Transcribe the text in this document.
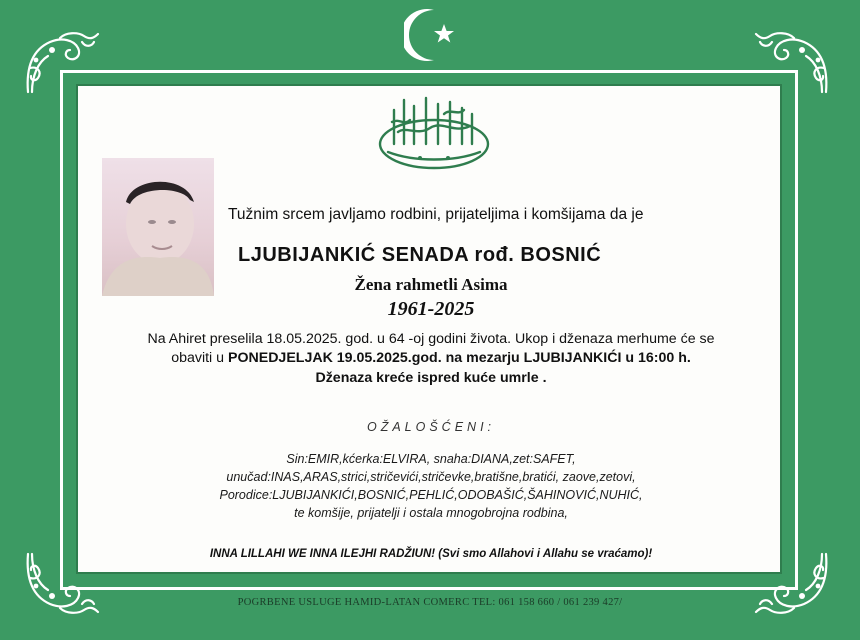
Tužnim srcem javljamo rodbini, prijateljima i komšijama da je
LJUBIJANKIĆ SENADA rođ. BOSNIĆ
Žena rahmetli Asima
1961-2025
Na Ahiret preselila 18.05.2025. god. u 64 -oj godini života. Ukop i dženaza merhume će se
obaviti u PONEDJELJAK 19.05.2025.god. na mezarju LJUBIJANKIĆI u 16:00 h.
Dženaza kreće ispred kuće umrle .
OŽALOŠĆENI:
Sin:EMIR,kćerka:ELVIRA, snaha:DIANA,zet:SAFET,
unučad:INAS,ARAS,strici,stričevići,stričevke,bratišne,bratići, zaove,zetovi,
Porodice:LJUBIJANKIĆI,BOSNIĆ,PEHLIĆ,ODOBAŠIĆ,ŠAHINOVIĆ,NUHIĆ,
te komšije, prijatelji i ostala mnogobrojna rodbina,
INNA LILLAHI WE INNA ILEJHI RADŽIUN! (Svi smo Allahovi i Allahu se vraćamo)!
POGRBENE USLUGE HAMID-LATAN COMERC TEL: 061 158 660 / 061 239 427/
